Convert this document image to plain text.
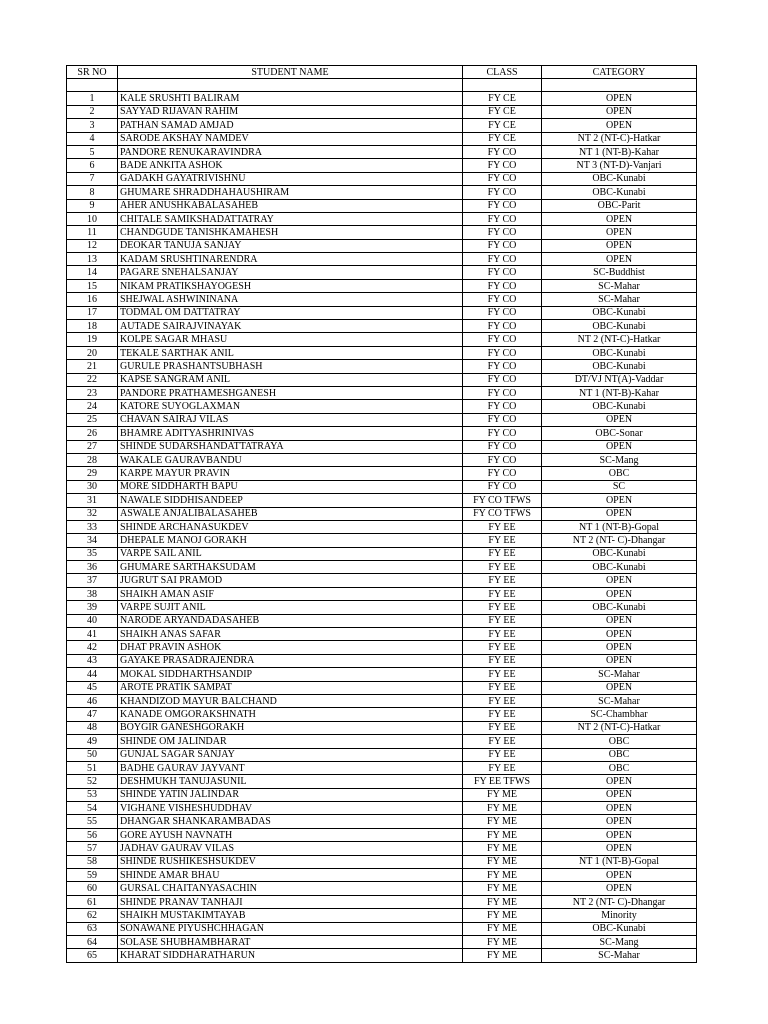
SR NO	STUDENT NAME	CLASS	CATEGORY

1	KALE SRUSHTI BALIRAM	FY CE	OPEN
2	SAYYAD RIJAVAN RAHIM	FY CE	OPEN
3	PATHAN SAMAD AMJAD	FY CE	OPEN
4	SARODE AKSHAY NAMDEV	FY CE	NT 2 (NT-C)-Hatkar
5	PANDORE RENUKARAVINDRA	FY CO	NT 1 (NT-B)-Kahar
6	BADE ANKITA ASHOK	FY CO	NT 3 (NT-D)-Vanjari
7	GADAKH GAYATRIVISHNU	FY CO	OBC-Kunabi
8	GHUMARE SHRADDHAHAUSHIRAM	FY CO	OBC-Kunabi
9	AHER ANUSHKABALASAHEB	FY CO	OBC-Parit
10	CHITALE SAMIKSHADATTATRAY	FY CO	OPEN
11	CHANDGUDE TANISHKAMAHESH	FY CO	OPEN
12	DEOKAR TANUJA SANJAY	FY CO	OPEN
13	KADAM SRUSHTINARENDRA	FY CO	OPEN
14	PAGARE SNEHALSANJAY	FY CO	SC-Buddhist
15	NIKAM PRATIKSHAYOGESH	FY CO	SC-Mahar
16	SHEJWAL ASHWININANA	FY CO	SC-Mahar
17	TODMAL OM DATTATRAY	FY CO	OBC-Kunabi
18	AUTADE SAIRAJVINAYAK	FY CO	OBC-Kunabi
19	KOLPE SAGAR MHASU	FY CO	NT 2 (NT-C)-Hatkar
20	TEKALE SARTHAK ANIL	FY CO	OBC-Kunabi
21	GURULE PRASHANTSUBHASH	FY CO	OBC-Kunabi
22	KAPSE SANGRAM ANIL	FY CO	DT/VJ NT(A)-Vaddar
23	PANDORE PRATHAMESHGANESH	FY CO	NT 1 (NT-B)-Kahar
24	KATORE SUYOGLAXMAN	FY CO	OBC-Kunabi
25	CHAVAN SAIRAJ VILAS	FY CO	OPEN
26	BHAMRE ADITYASHRINIVAS	FY CO	OBC-Sonar
27	SHINDE SUDARSHANDATTATRAYA	FY CO	OPEN
28	WAKALE GAURAVBANDU	FY CO	SC-Mang
29	KARPE MAYUR PRAVIN	FY CO	OBC
30	MORE SIDDHARTH BAPU	FY CO	SC
31	NAWALE SIDDHISANDEEP	FY CO TFWS	OPEN
32	ASWALE ANJALIBALASAHEB	FY CO TFWS	OPEN
33	SHINDE ARCHANASUKDEV	FY EE	NT 1 (NT-B)-Gopal
34	DHEPALE MANOJ GORAKH	FY EE	NT 2 (NT- C)-Dhangar
35	VARPE SAIL ANIL	FY EE	OBC-Kunabi
36	GHUMARE SARTHAKSUDAM	FY EE	OBC-Kunabi
37	JUGRUT SAI PRAMOD	FY EE	OPEN
38	SHAIKH AMAN ASIF	FY EE	OPEN
39	VARPE SUJIT ANIL	FY EE	OBC-Kunabi
40	NARODE ARYANDADASAHEB	FY EE	OPEN
41	SHAIKH ANAS SAFAR	FY EE	OPEN
42	DHAT PRAVIN ASHOK	FY EE	OPEN
43	GAYAKE PRASADRAJENDRA	FY EE	OPEN
44	MOKAL SIDDHARTHSANDIP	FY EE	SC-Mahar
45	AROTE PRATIK SAMPAT	FY EE	OPEN
46	KHANDIZOD MAYUR BALCHAND	FY EE	SC-Mahar
47	KANADE OMGORAKSHNATH	FY EE	SC-Chambhar
48	BOYGIR GANESHGORAKH	FY EE	NT 2 (NT-C)-Hatkar
49	SHINDE OM JALINDAR	FY EE	OBC
50	GUNJAL SAGAR SANJAY	FY EE	OBC
51	BADHE GAURAV JAYVANT	FY EE	OBC
52	DESHMUKH TANUJASUNIL	FY EE TFWS	OPEN
53	SHINDE YATIN JALINDAR	FY ME	OPEN
54	VIGHANE VISHESHUDDHAV	FY ME	OPEN
55	DHANGAR SHANKARAMBADAS	FY ME	OPEN
56	GORE AYUSH NAVNATH	FY ME	OPEN
57	JADHAV GAURAV VILAS	FY ME	OPEN
58	SHINDE RUSHIKESHSUKDEV	FY ME	NT 1 (NT-B)-Gopal
59	SHINDE AMAR BHAU	FY ME	OPEN
60	GURSAL CHAITANYASACHIN	FY ME	OPEN
61	SHINDE PRANAV TANHAJI	FY ME	NT 2 (NT- C)-Dhangar
62	SHAIKH MUSTAKIMTAYAB	FY ME	Minority
63	SONAWANE PIYUSHCHHAGAN	FY ME	OBC-Kunabi
64	SOLASE SHUBHAMBHARAT	FY ME	SC-Mang
65	KHARAT SIDDHARATHARUN	FY ME	SC-Mahar
